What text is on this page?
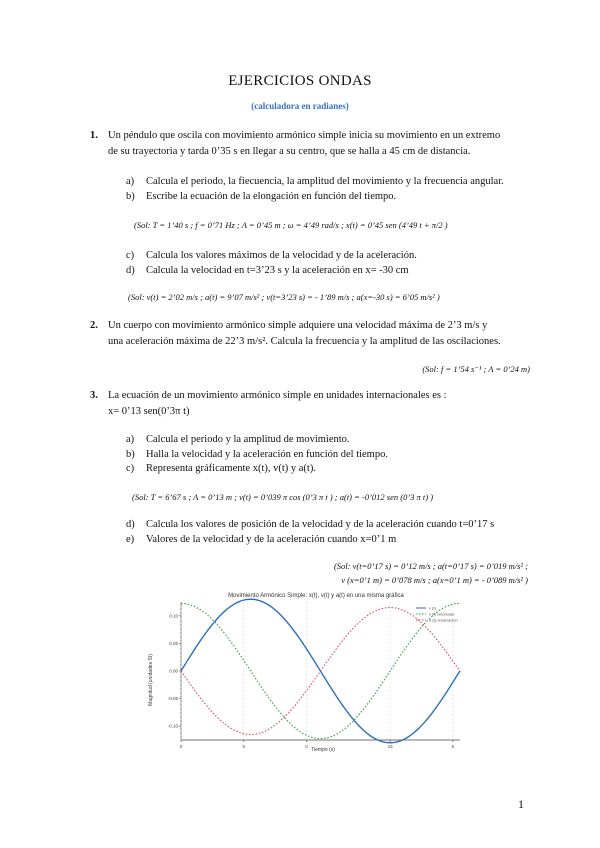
EJERCICIOS ONDAS
(calculadora en radianes)
1. Un péndulo que oscila con movimiento armónico simple inicia su movimiento en un extremo
de su trayectoria y tarda 0’35 s en llegar a su centro, que se halla a 45 cm de distancia.
a) Calcula el periodo, la fiecuencia, la amplitud del movimiento y la frecuencia angular.
b) Escribe la ecuación de la elongación en función del tiempo.
(Sol: T = 1’40 s ; f = 0’71 Hz ; A = 0’45 m ; ω = 4’49 rad/s ; x(t) = 0’45 sen (4’49 t + π/2 )
c) Calcula los valores máximos de la velocidad y de la aceleración.
d) Calcula la velocidad en t=3’23 s y la aceleración en x= -30 cm
(Sol: v(t) = 2’02 m/s ; a(t) = 9’07 m/s² ; v(t=3’23 s) = - 1’89 m/s ; a(x=-30 s) = 6’05 m/s² )
2. Un cuerpo con movimiento armónico simple adquiere una velocidad máxima de 2’3 m/s y
una aceleración máxima de 22’3 m/s². Calcula la frecuencia y la amplitud de las oscilaciones.
(Sol: f = 1’54 s⁻¹ ; A = 0’24 m)
3. La ecuación de un movimiento armónico simple en unidades internacionales es :
x= 0’13 sen(0’3π t)
a) Calcula el periodo y la amplitud de movimiento.
b) Halla la velocidad y la aceleración en función del tiempo.
c) Representa gráficamente x(t), v(t) y a(t).
(Sol: T = 6’67 s ; A = 0’13 m ; v(t) = 0’039 π cos (0’3 π t ) ; a(t) = -0’012 sen (0’3 π t) )
d) Calcula los valores de posición de la velocidad y de la aceleración cuando t=0’17 s
e) Valores de la velocidad y de la aceleración cuando x=0’1 m
(Sol: v(t=0’17 s) = 0’12 m/s ; a(t=0’17 s) = 0’019 m/s² ;
v (x=0’1 m) = 0’078 m/s ; a(x=0’1 m) = - 0’089 m/s² )
Movimiento Armónico Simple: x(t), v(t) y a(t) en una misma gráfica
Magnitud (unidades SI)
Tiempo (s)
-0.10
-0.05
0.00
0.05
0.10
0	5	0	15	5
x (t)
v (t) velocidad
a (t) aceleración
1
